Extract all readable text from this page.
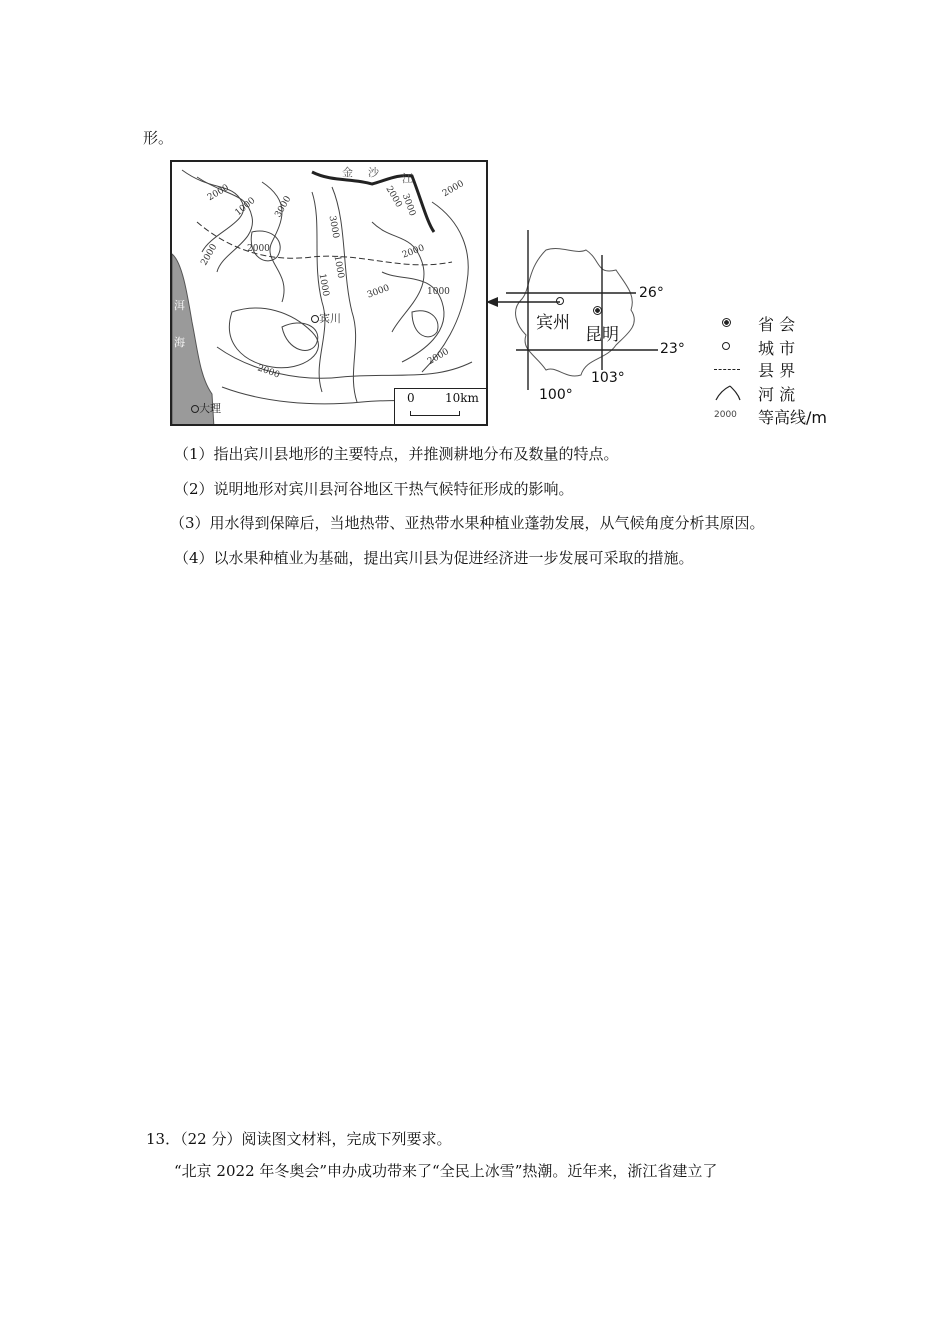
形。
金 沙 江
洱
海
宾川
大理
2000
1000
2000
3000
2000
3000
1000
1000
2000
3000
2000
2000
3000
2000
2000
1000
0	10km
宾州
昆明
26°
23°
100°
103°
省 会
城 市
县 界
河 流
2000 等高线/m
（1）指出宾川县地形的主要特点，并推测耕地分布及数量的特点。
（2）说明地形对宾川县河谷地区干热气候特征形成的影响。
（3）用水得到保障后，当地热带、亚热带水果种植业蓬勃发展，从气候角度分析其原因。
（4）以水果种植业为基础，提出宾川县为促进经济进一步发展可采取的措施。
13．（22 分）阅读图文材料，完成下列要求。
“北京 2022 年冬奥会”申办成功带来了“全民上冰雪”热潮。近年来，浙江省建立了
